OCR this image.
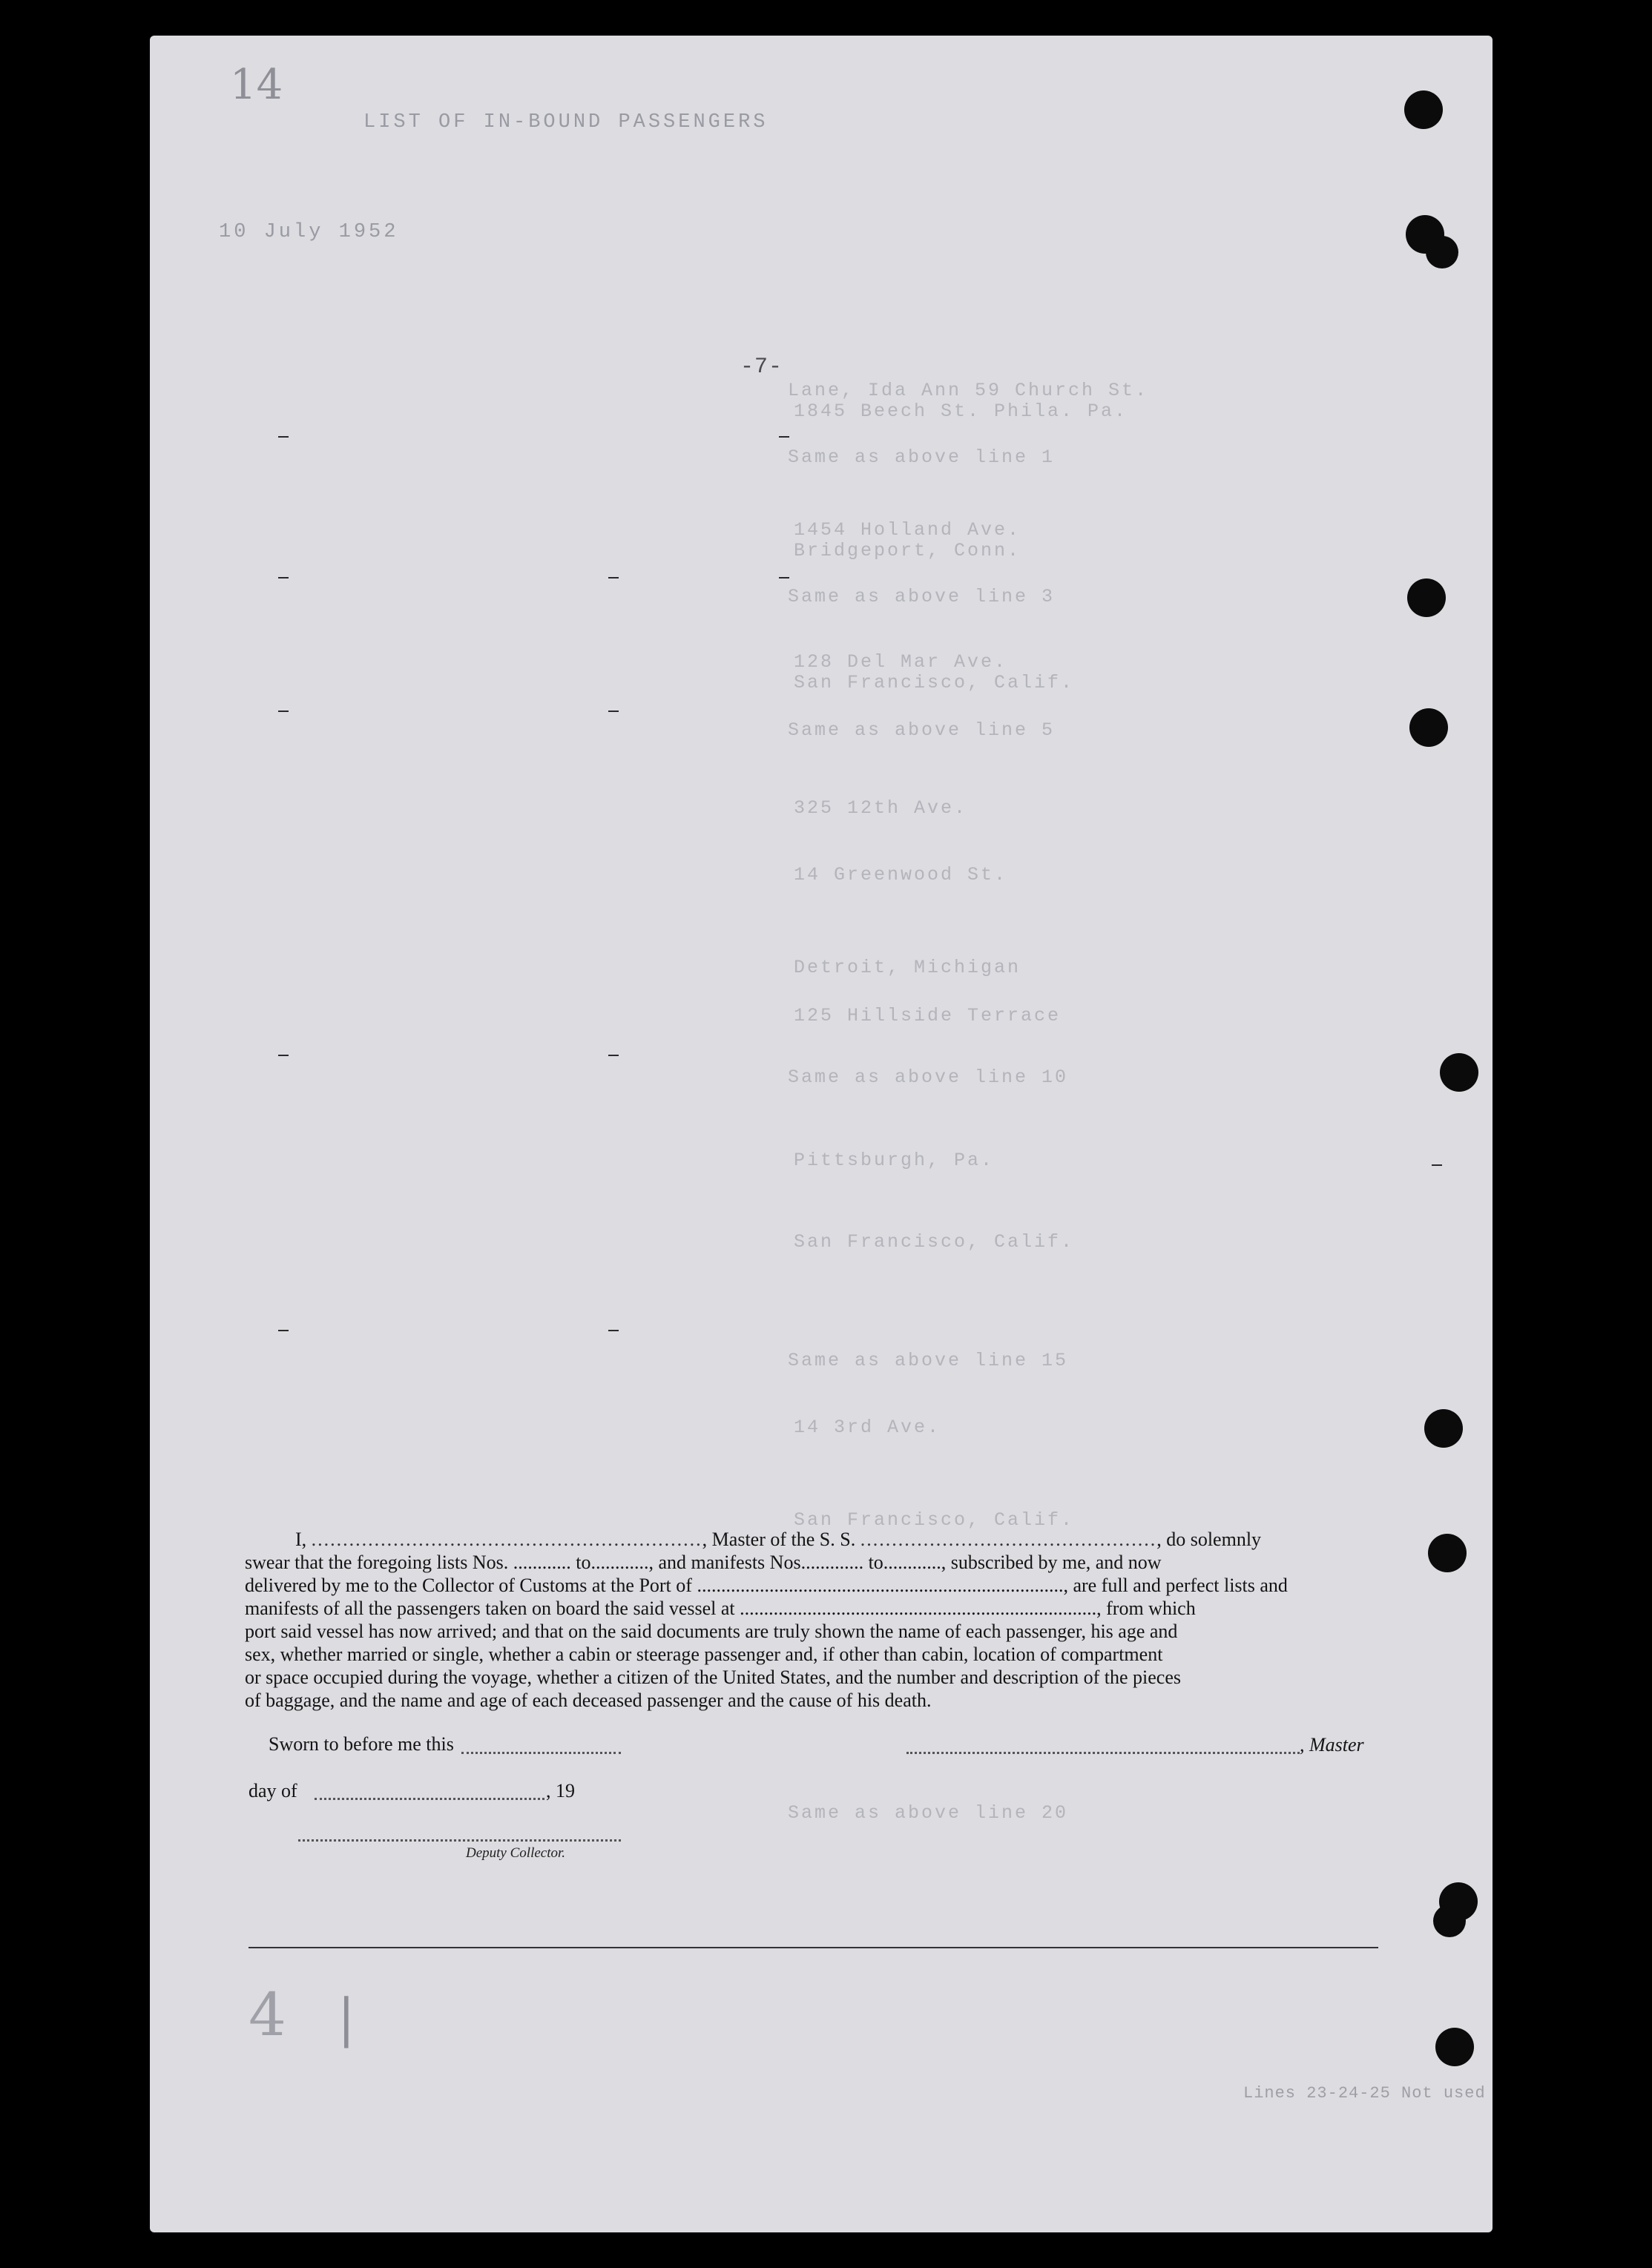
14
LIST OF IN-BOUND PASSENGERS
10 July 1952
-7-
Lane, Ida Ann 59 Church St.
1845 Beech St. Phila. Pa.
Same as above line 1
1454 Holland Ave.
Bridgeport, Conn.
Same as above line 3
128 Del Mar Ave.
San Francisco, Calif.
Same as above line 5
325 12th Ave.
14 Greenwood St.
Detroit, Michigan
125 Hillside Terrace
Same as above line 10
Pittsburgh, Pa.
San Francisco, Calif.
Same as above line 15
14 3rd Ave.
San Francisco, Calif.
Same as above line 20
I, .............................................................., Master of the S. S. ..............................................., do solemnly
swear that the foregoing lists Nos. ............ to............, and manifests Nos............. to............, subscribed by me, and now
delivered by me to the Collector of Customs at the Port of ............................................................................, are full and perfect lists and
manifests of all the passengers taken on board the said vessel at .........................................................................., from which
port said vessel has now arrived; and that on the said documents are truly shown the name of each passenger, his age and
sex, whether married or single, whether a cabin or steerage passenger and, if other than cabin, location of compartment
or space occupied during the voyage, whether a citizen of the United States, and the number and description of the pieces
of baggage, and the name and age of each deceased passenger and the cause of his death.
Sworn to before me this	, Master
day of	, 19
Deputy Collector.
4 |
Lines 23-24-25 Not used
